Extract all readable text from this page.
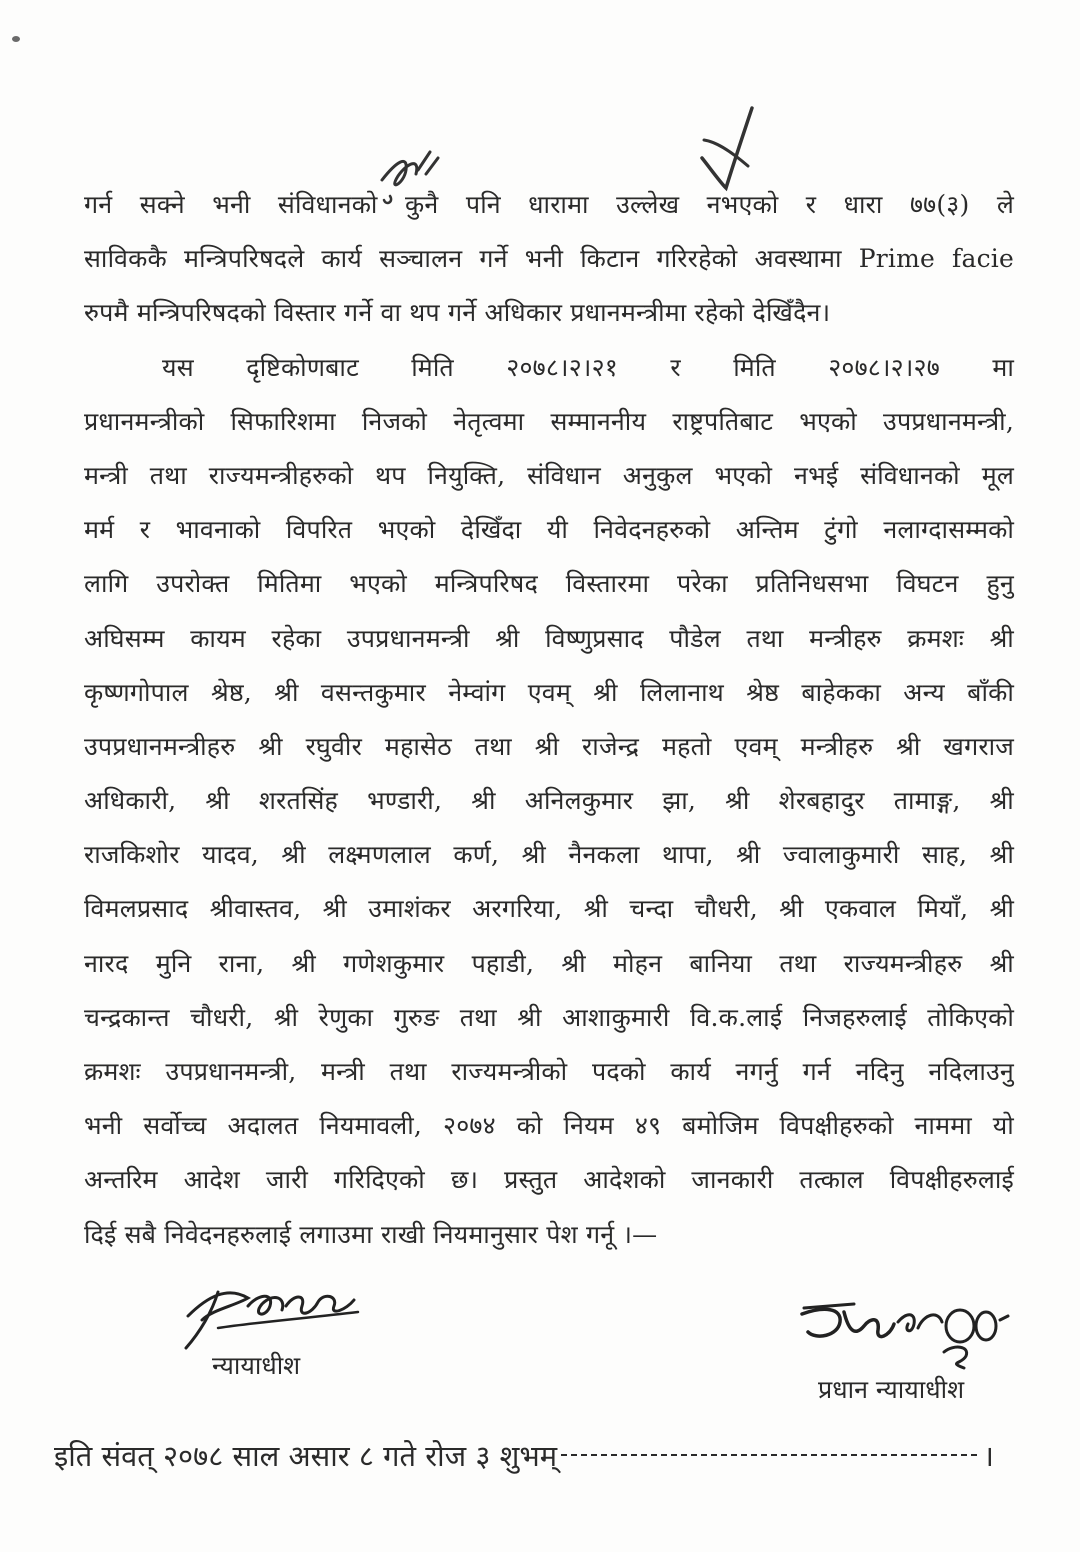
गर्न सक्ने भनी संविधानको कुनै पनि धारामा उल्लेख नभएको र धारा ७७(३) ले
साविककै मन्त्रिपरिषदले कार्य सञ्चालन गर्ने भनी किटान गरिरहेको अवस्थामा Prime facie
रुपमै मन्त्रिपरिषदको विस्तार गर्ने वा थप गर्ने अधिकार प्रधानमन्त्रीमा रहेको देखिँदैन।
यस दृष्टिकोणबाट मिति २०७८।२।२१ र मिति २०७८।२।२७ मा
प्रधानमन्त्रीको सिफारिशमा निजको नेतृत्वमा सम्माननीय राष्ट्रपतिबाट भएको उपप्रधानमन्त्री,
मन्त्री तथा राज्यमन्त्रीहरुको थप नियुक्ति, संविधान अनुकुल भएको नभई संविधानको मूल
मर्म र भावनाको विपरित भएको देखिँदा यी निवेदनहरुको अन्तिम टुंगो नलाग्दासम्मको
लागि उपरोक्त मितिमा भएको मन्त्रिपरिषद विस्तारमा परेका प्रतिनिधसभा विघटन हुनु
अघिसम्म कायम रहेका उपप्रधानमन्त्री श्री विष्णुप्रसाद पौडेल तथा मन्त्रीहरु क्रमशः श्री
कृष्णगोपाल श्रेष्ठ, श्री वसन्तकुमार नेम्वांग एवम् श्री लिलानाथ श्रेष्ठ बाहेकका अन्य बाँकी
उपप्रधानमन्त्रीहरु श्री रघुवीर महासेठ तथा श्री राजेन्द्र महतो एवम् मन्त्रीहरु श्री खगराज
अधिकारी, श्री शरतसिंह भण्डारी, श्री अनिलकुमार झा, श्री शेरबहादुर तामाङ्ग, श्री
राजकिशोर यादव, श्री लक्ष्मणलाल कर्ण, श्री नैनकला थापा, श्री ज्वालाकुमारी साह, श्री
विमलप्रसाद श्रीवास्तव, श्री उमाशंकर अरगरिया, श्री चन्दा चौधरी, श्री एकवाल मियाँ, श्री
नारद मुनि राना, श्री गणेशकुमार पहाडी, श्री मोहन बानिया तथा राज्यमन्त्रीहरु श्री
चन्द्रकान्त चौधरी, श्री रेणुका गुरुङ तथा श्री आशाकुमारी वि.क.लाई निजहरुलाई तोकिएको
क्रमशः उपप्रधानमन्त्री, मन्त्री तथा राज्यमन्त्रीको पदको कार्य नगर्नु गर्न नदिनु नदिलाउनु
भनी सर्वोच्च अदालत नियमावली, २०७४ को नियम ४९ बमोजिम विपक्षीहरुको नाममा यो
अन्तरिम आदेश जारी गरिदिएको छ। प्रस्तुत आदेशको जानकारी तत्काल विपक्षीहरुलाई
दिई सबै निवेदनहरुलाई लगाउमा राखी नियमानुसार पेश गर्नू ।—
न्यायाधीश
प्रधान न्यायाधीश
इति संवत् २०७८ साल असार ८ गते रोज ३ शुभम्	।
